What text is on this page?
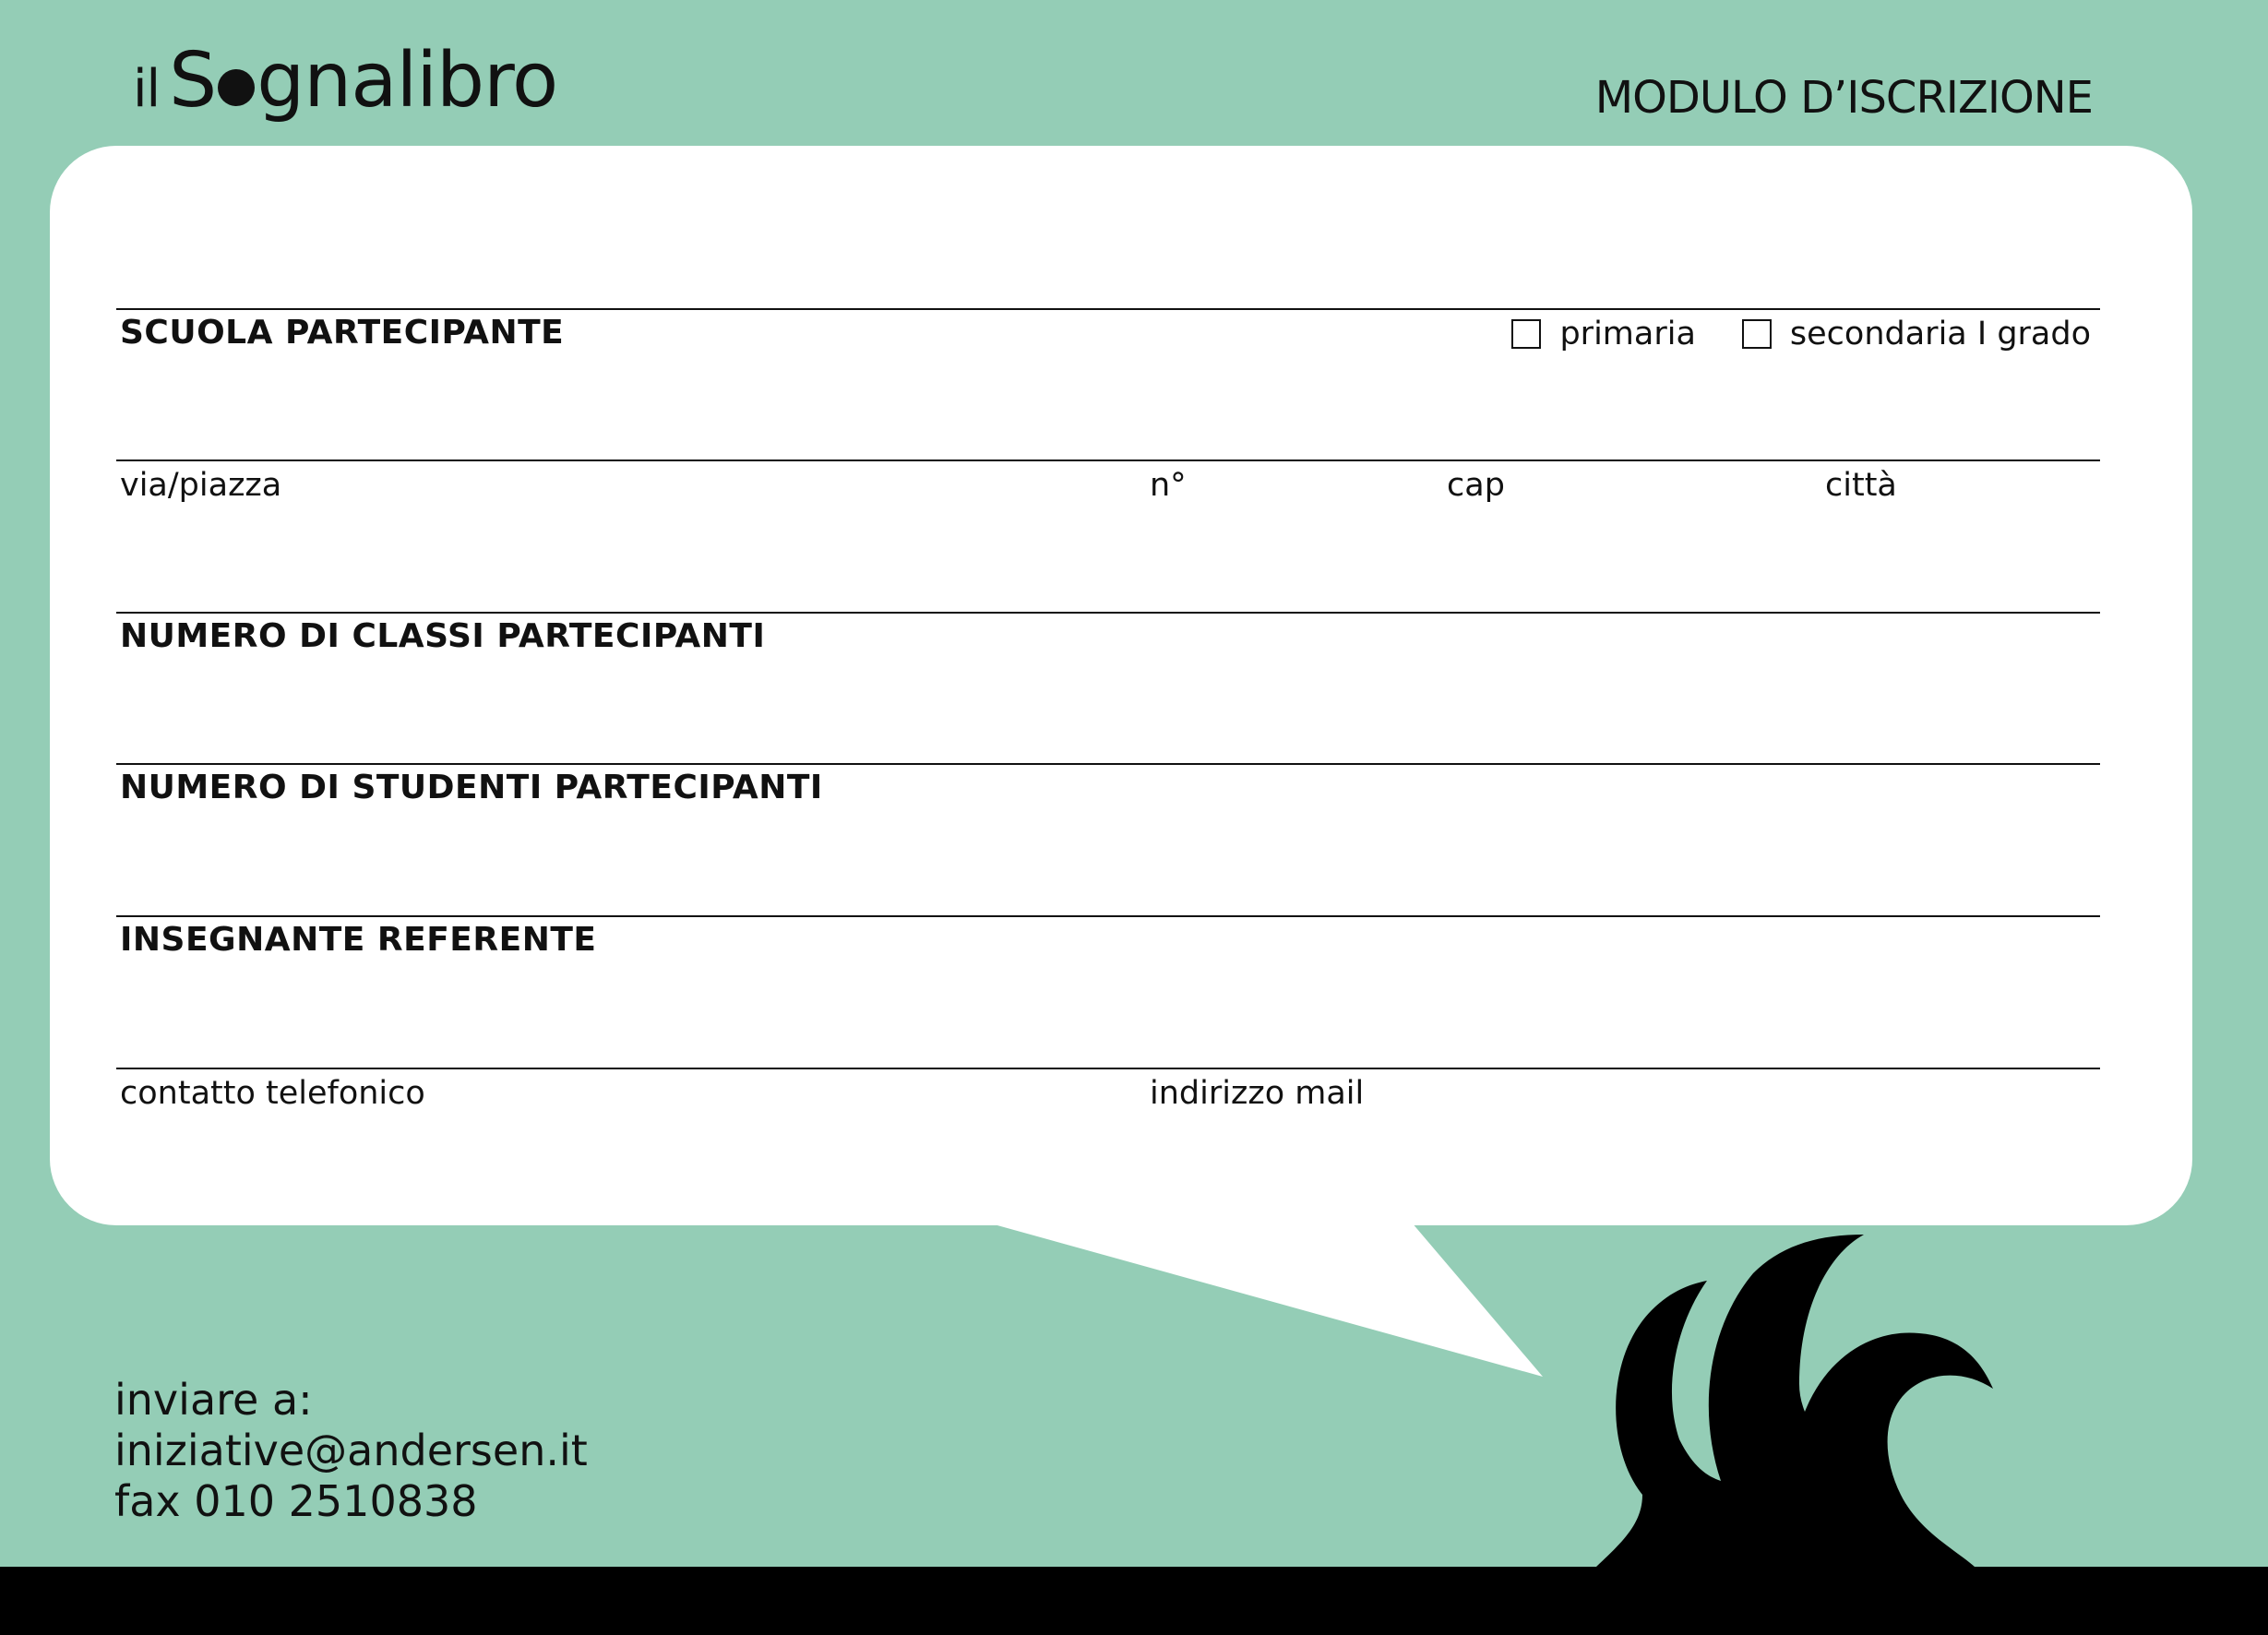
il S gnalibro	MODULO D’ISCRIZIONE
SCUOLA PARTECIPANTE	primaria	secondaria I grado
via/piazza	n°	cap	città
NUMERO DI CLASSI PARTECIPANTI
NUMERO DI STUDENTI PARTECIPANTI
INSEGNANTE REFERENTE
contatto telefonico	indirizzo mail
inviare a:
iniziative@andersen.it
fax 010 2510838
